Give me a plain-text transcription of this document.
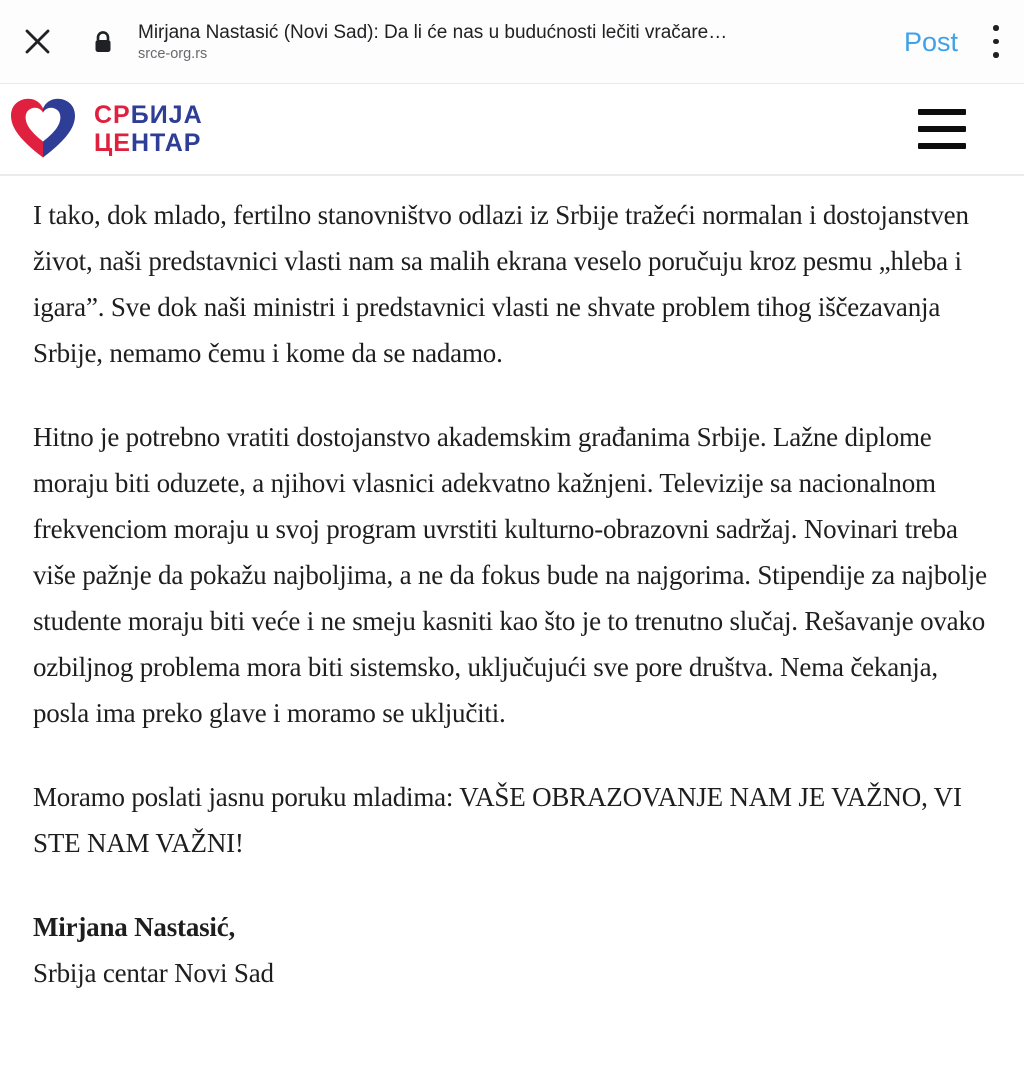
Mirjana Nastasić (Novi Sad): Da li će nas u budućnosti lečiti vračare…
srce-org.rs	Post
СРБИЈА
ЦЕНТАР

I tako, dok mlado, fertilno stanovništvo odlazi iz Srbije tražeći normalan i dostojanstven život, naši predstavnici vlasti nam sa malih ekrana veselo poručuju kroz pesmu „hleba i igara”. Sve dok naši ministri i predstavnici vlasti ne shvate problem tihog iščezavanja Srbije, nemamo čemu i kome da se nadamo.

Hitno je potrebno vratiti dostojanstvo akademskim građanima Srbije. Lažne diplome moraju biti oduzete, a njihovi vlasnici adekvatno kažnjeni. Televizije sa nacionalnom frekvenciom moraju u svoj program uvrstiti kulturno-obrazovni sadržaj. Novinari treba više pažnje da pokažu najboljima, a ne da fokus bude na najgorima. Stipendije za najbolje studente moraju biti veće i ne smeju kasniti kao što je to trenutno slučaj. Rešavanje ovako ozbiljnog problema mora biti sistemsko, uključujući sve pore društva. Nema čekanja, posla ima preko glave i moramo se uključiti.

Moramo poslati jasnu poruku mladima: VAŠE OBRAZOVANJE NAM JE VAŽNO, VI STE NAM VAŽNI!

Mirjana Nastasić,
Srbija centar Novi Sad
